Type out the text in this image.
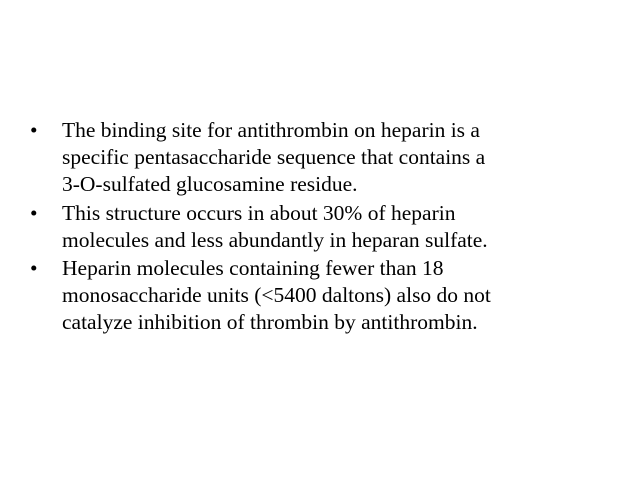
•	The binding site for antithrombin on heparin is a
specific pentasaccharide sequence that contains a
3-O-sulfated glucosamine residue.
•	This structure occurs in about 30% of heparin
molecules and less abundantly in heparan sulfate.
•	Heparin molecules containing fewer than 18
monosaccharide units (<5400 daltons) also do not
catalyze inhibition of thrombin by antithrombin.
